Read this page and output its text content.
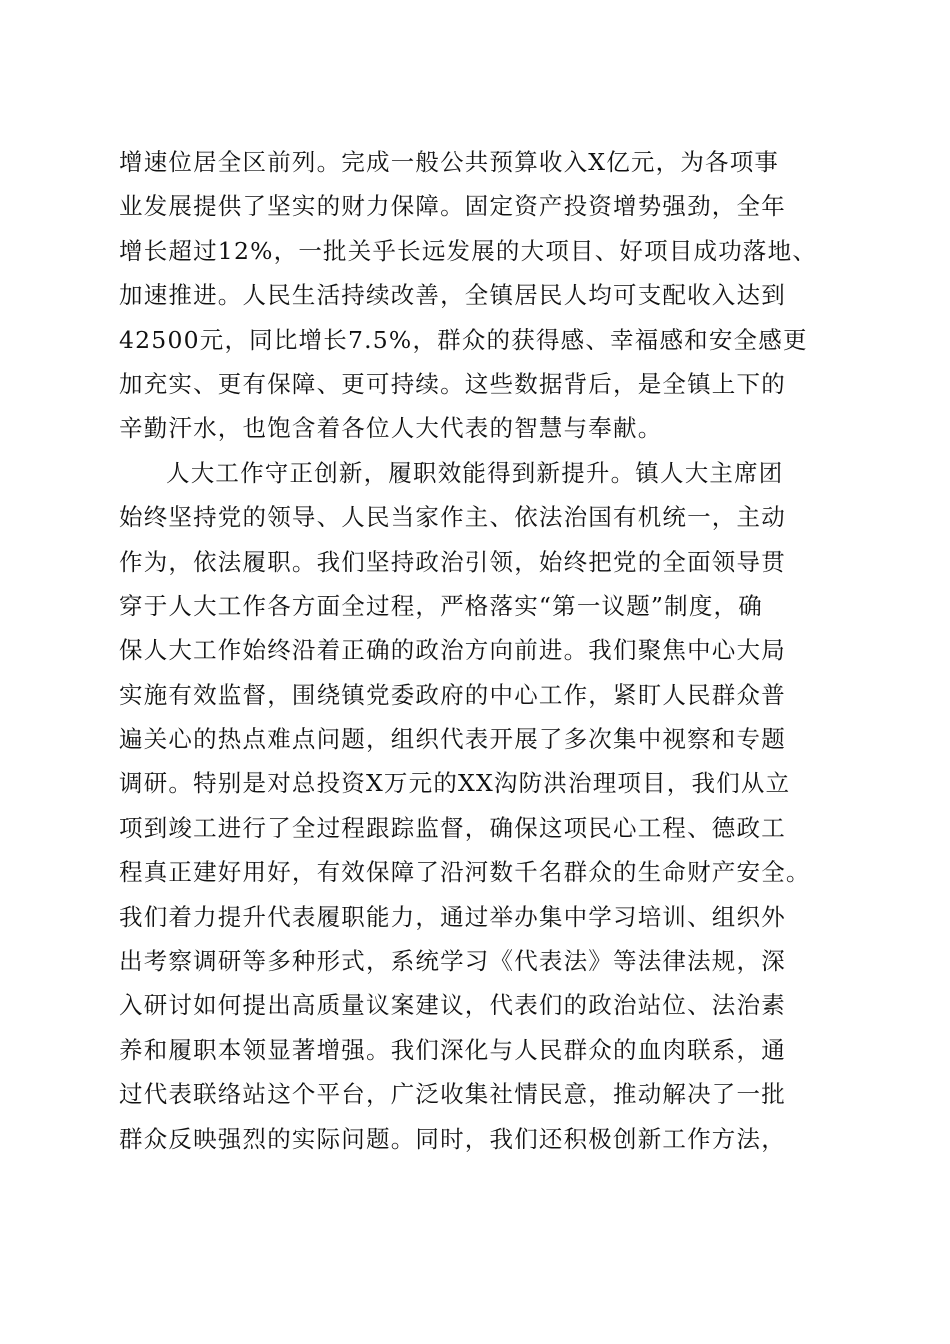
增速位居全区前列。完成一般公共预算收入X亿元，为各项事
业发展提供了坚实的财力保障。固定资产投资增势强劲，全年
增长超过12%，一批关乎长远发展的大项目、好项目成功落地、
加速推进。人民生活持续改善，全镇居民人均可支配收入达到
42500元，同比增长7.5%，群众的获得感、幸福感和安全感更
加充实、更有保障、更可持续。这些数据背后，是全镇上下的
辛勤汗水，也饱含着各位人大代表的智慧与奉献。
人大工作守正创新，履职效能得到新提升。镇人大主席团
始终坚持党的领导、人民当家作主、依法治国有机统一，主动
作为，依法履职。我们坚持政治引领，始终把党的全面领导贯
穿于人大工作各方面全过程，严格落实“第一议题”制度，确
保人大工作始终沿着正确的政治方向前进。我们聚焦中心大局
实施有效监督，围绕镇党委政府的中心工作，紧盯人民群众普
遍关心的热点难点问题，组织代表开展了多次集中视察和专题
调研。特别是对总投资X万元的XX沟防洪治理项目，我们从立
项到竣工进行了全过程跟踪监督，确保这项民心工程、德政工
程真正建好用好，有效保障了沿河数千名群众的生命财产安全。
我们着力提升代表履职能力，通过举办集中学习培训、组织外
出考察调研等多种形式，系统学习《代表法》等法律法规，深
入研讨如何提出高质量议案建议，代表们的政治站位、法治素
养和履职本领显著增强。我们深化与人民群众的血肉联系，通
过代表联络站这个平台，广泛收集社情民意，推动解决了一批
群众反映强烈的实际问题。同时，我们还积极创新工作方法，
